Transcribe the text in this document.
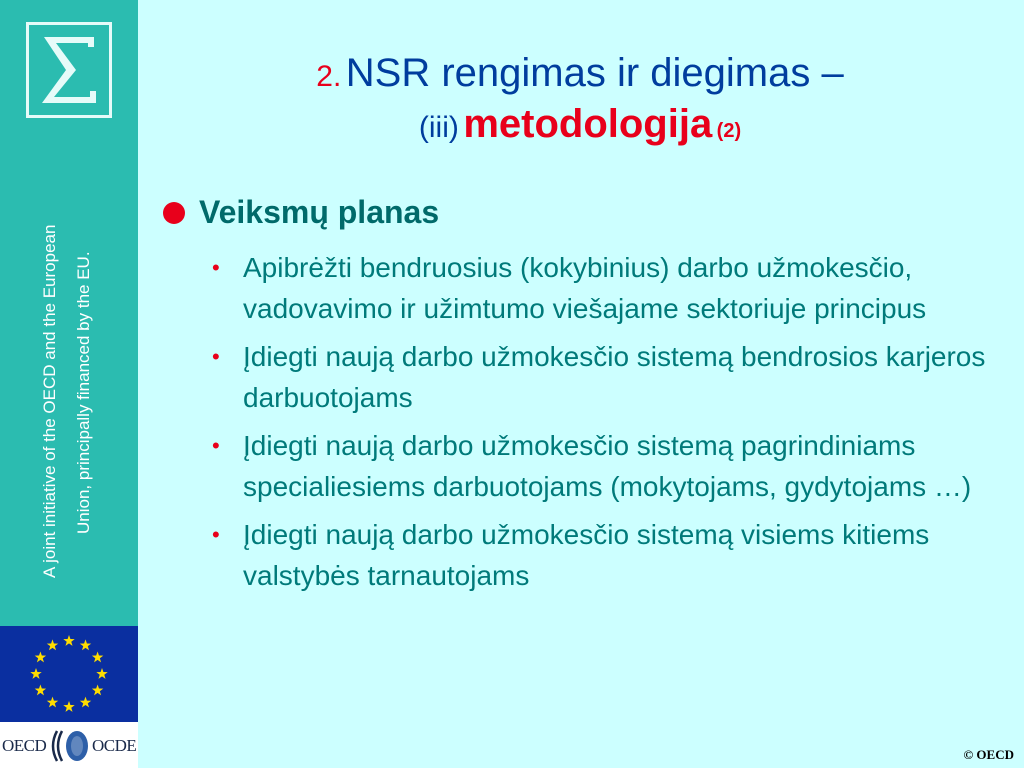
A joint initiative of the OECD and the European Union, principally financed by the EU.
OECD	OCDE
2. NSR rengimas ir diegimas –
(iii) metodologija (2)
Veiksmų planas
• Apibrėžti bendruosius (kokybinius) darbo užmokesčio, vadovavimo ir užimtumo viešajame sektoriuje principus
• Įdiegti naują darbo užmokesčio sistemą bendrosios karjeros darbuotojams
• Įdiegti naują darbo užmokesčio sistemą pagrindiniams specialiesiems darbuotojams (mokytojams, gydytojams …)
• Įdiegti naują darbo užmokesčio sistemą visiems kitiems valstybės tarnautojams
© OECD
